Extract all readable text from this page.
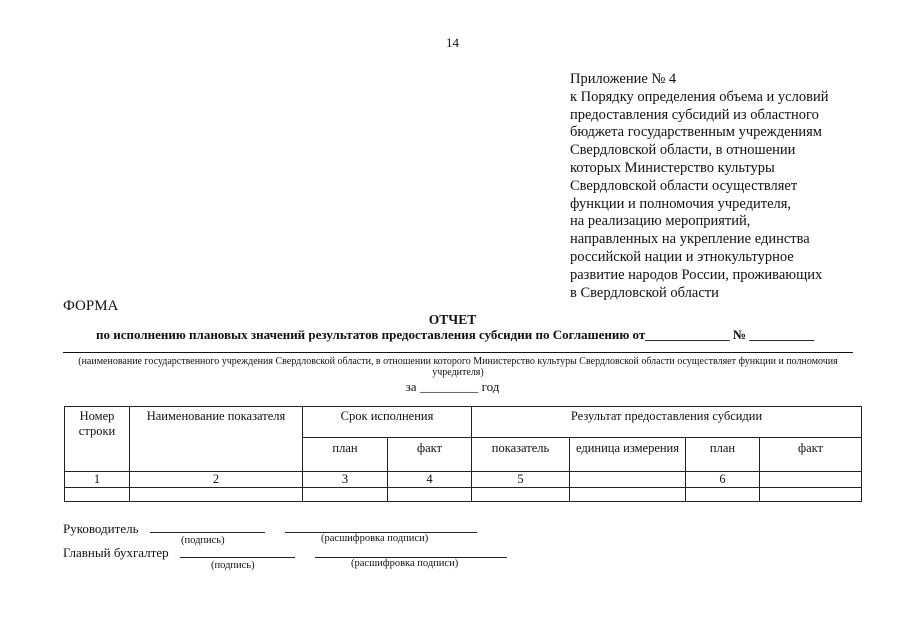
14
Приложение № 4
к Порядку определения объема и условий
предоставления субсидий из областного
бюджета государственным учреждениям
Свердловской области, в отношении
которых Министерство культуры
Свердловской области осуществляет
функции и полномочия учредителя,
на реализацию мероприятий,
направленных на укрепление единства
российской нации и этнокультурное
развитие народов России, проживающих
в Свердловской области
ФОРМА
ОТЧЕТ
по исполнению плановых значений результатов предоставления субсидии по Соглашению от_____________ № __________
(наименование государственного учреждения Свердловской области, в отношении которого Министерство культуры Свердловской области осуществляет функции и полномочия учредителя)
за _________ год
Номер строки	Наименование показателя	Срок исполнения		Результат предоставления субсидии			
		план	факт	показатель	единица измерения	план	факт
1	2	3	4	5		6	

Руководитель
(подпись)	(расшифровка подписи)
Главный бухгалтер
(подпись)	(расшифровка подписи)
